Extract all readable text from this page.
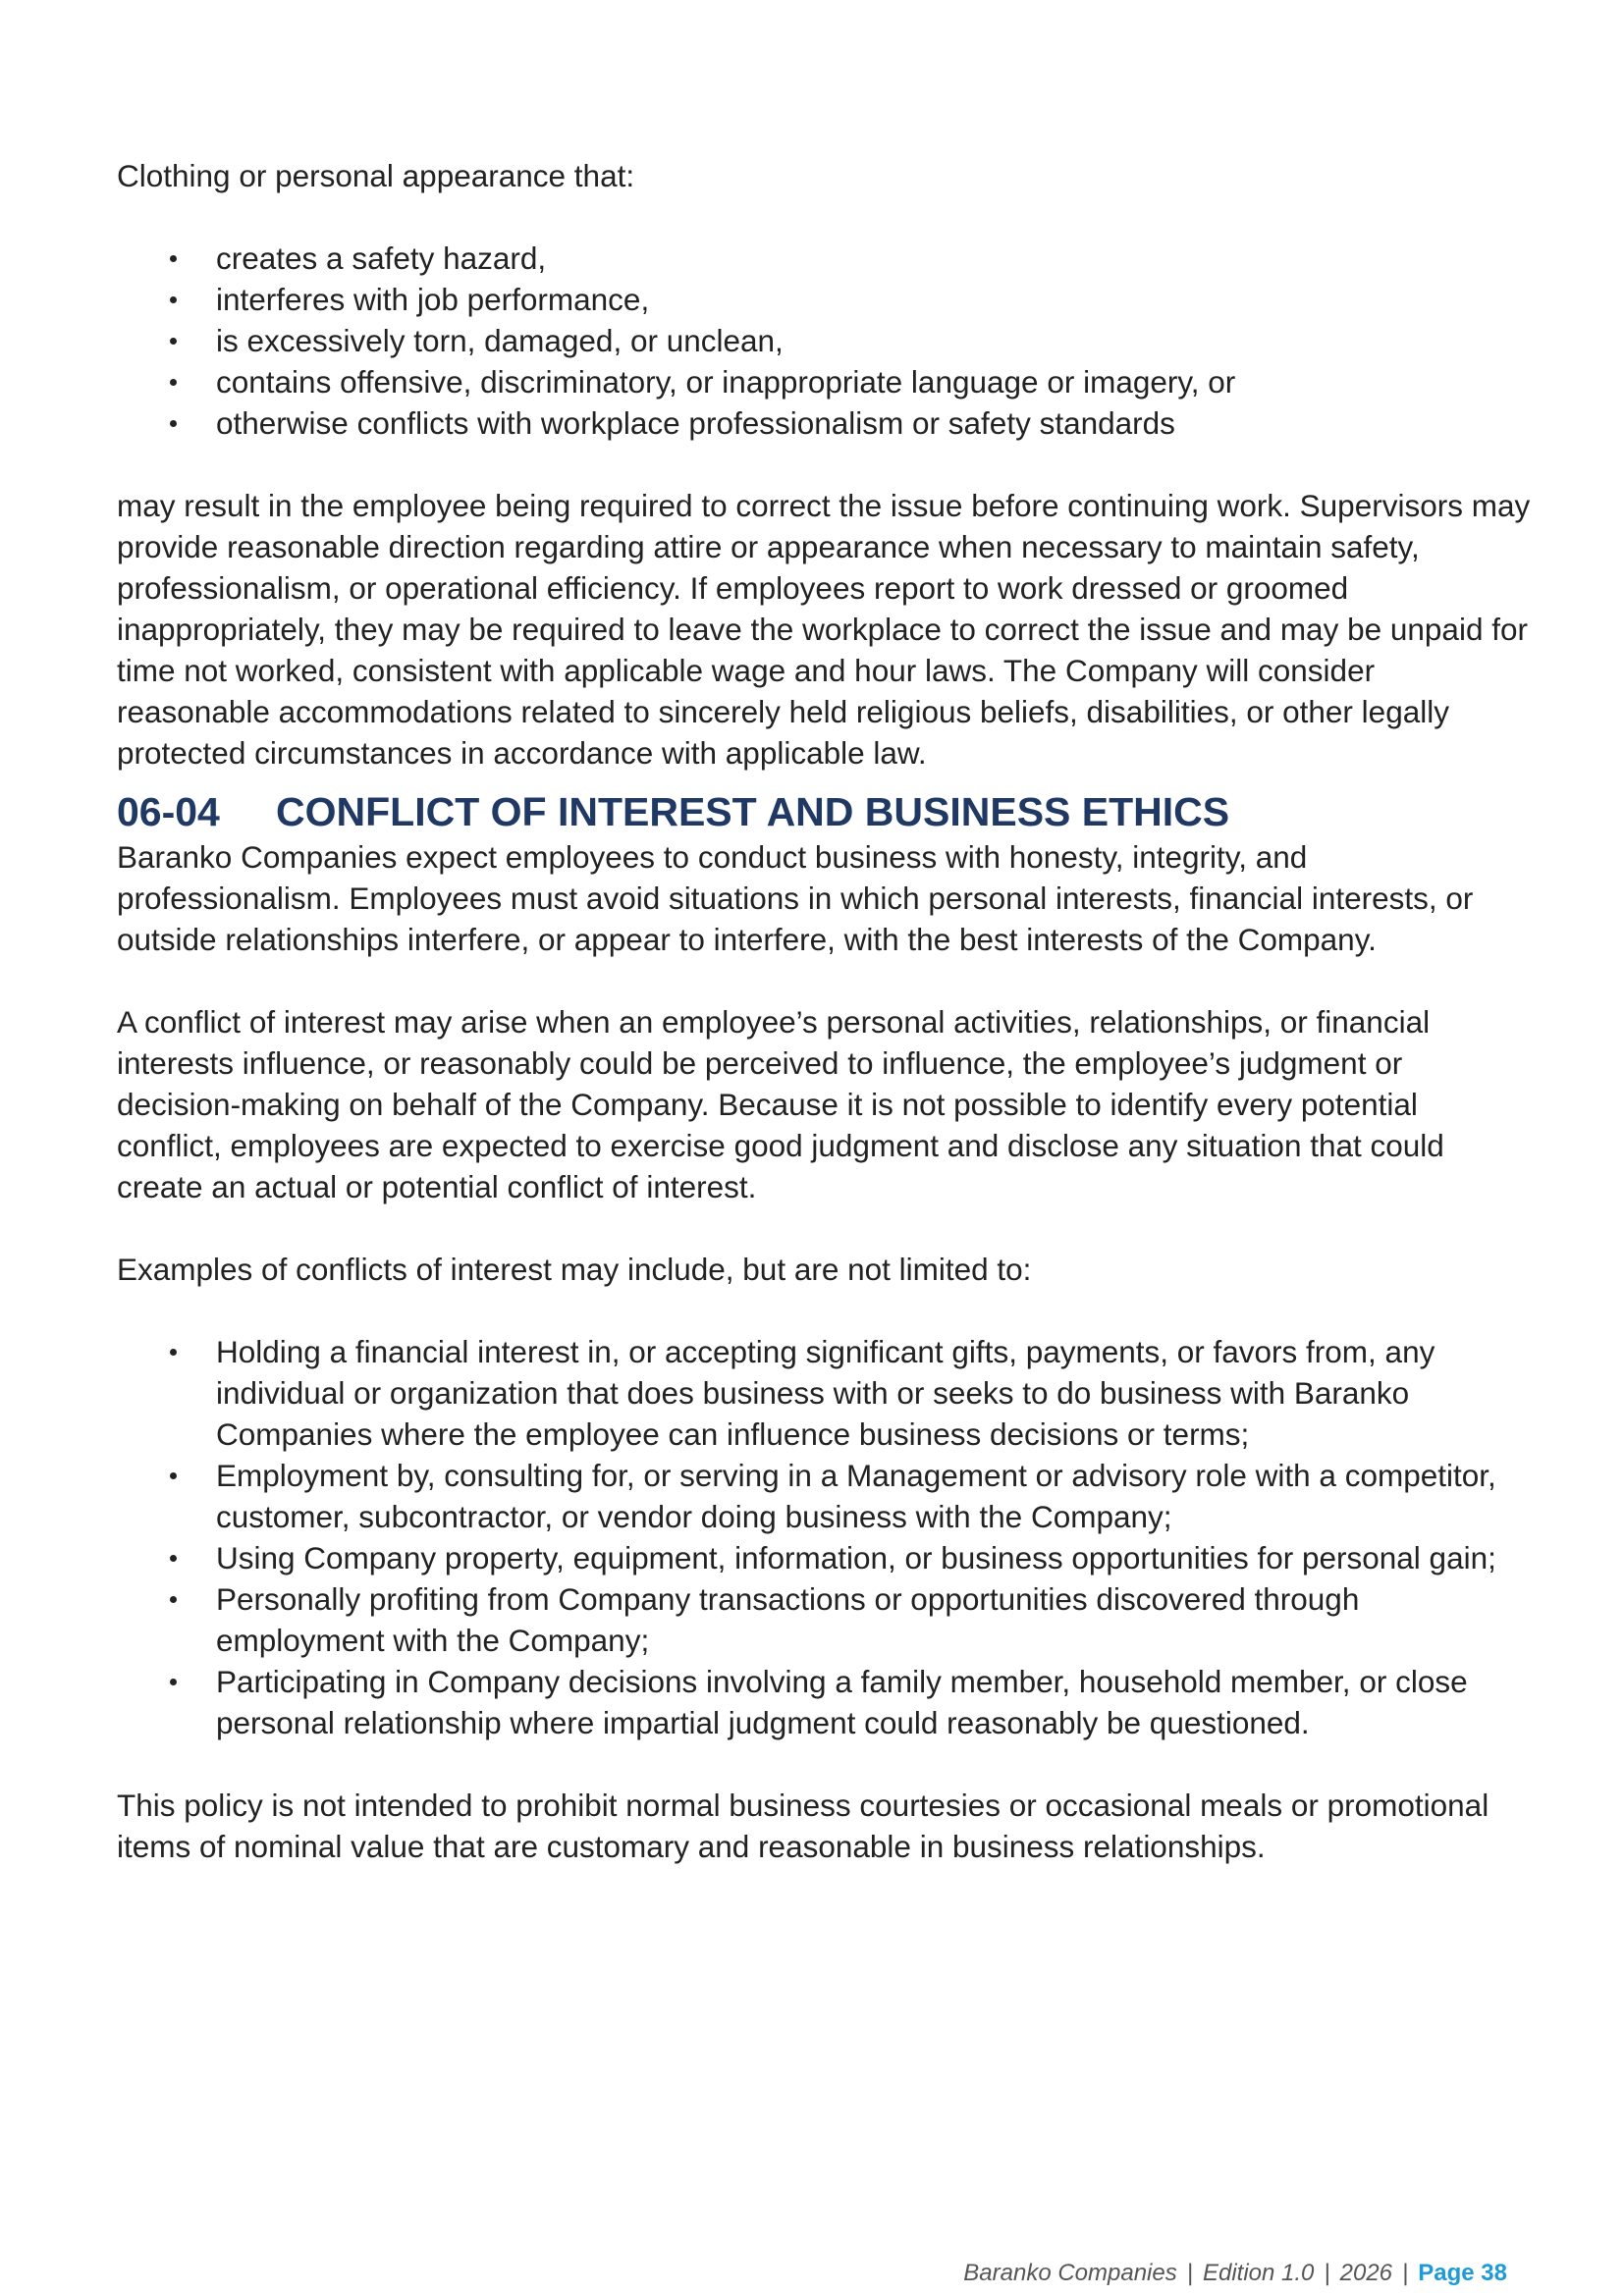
Clothing or personal appearance that:

creates a safety hazard,
interferes with job performance,
is excessively torn, damaged, or unclean,
contains offensive, discriminatory, or inappropriate language or imagery, or
otherwise conflicts with workplace professionalism or safety standards

may result in the employee being required to correct the issue before continuing work. Supervisors may provide reasonable direction regarding attire or appearance when necessary to maintain safety, professionalism, or operational efficiency. If employees report to work dressed or groomed inappropriately, they may be required to leave the workplace to correct the issue and may be unpaid for time not worked, consistent with applicable wage and hour laws. The Company will consider reasonable accommodations related to sincerely held religious beliefs, disabilities, or other legally protected circumstances in accordance with applicable law.

06-04 CONFLICT OF INTEREST AND BUSINESS ETHICS

Baranko Companies expect employees to conduct business with honesty, integrity, and professionalism. Employees must avoid situations in which personal interests, financial interests, or outside relationships interfere, or appear to interfere, with the best interests of the Company.

A conflict of interest may arise when an employee’s personal activities, relationships, or financial interests influence, or reasonably could be perceived to influence, the employee’s judgment or decision-making on behalf of the Company. Because it is not possible to identify every potential conflict, employees are expected to exercise good judgment and disclose any situation that could create an actual or potential conflict of interest.

Examples of conflicts of interest may include, but are not limited to:

Holding a financial interest in, or accepting significant gifts, payments, or favors from, any individual or organization that does business with or seeks to do business with Baranko Companies where the employee can influence business decisions or terms;
Employment by, consulting for, or serving in a Management or advisory role with a competitor, customer, subcontractor, or vendor doing business with the Company;
Using Company property, equipment, information, or business opportunities for personal gain;
Personally profiting from Company transactions or opportunities discovered through employment with the Company;
Participating in Company decisions involving a family member, household member, or close personal relationship where impartial judgment could reasonably be questioned.

This policy is not intended to prohibit normal business courtesies or occasional meals or promotional items of nominal value that are customary and reasonable in business relationships.

Baranko Companies | Edition 1.0 | 2026 | Page 38
